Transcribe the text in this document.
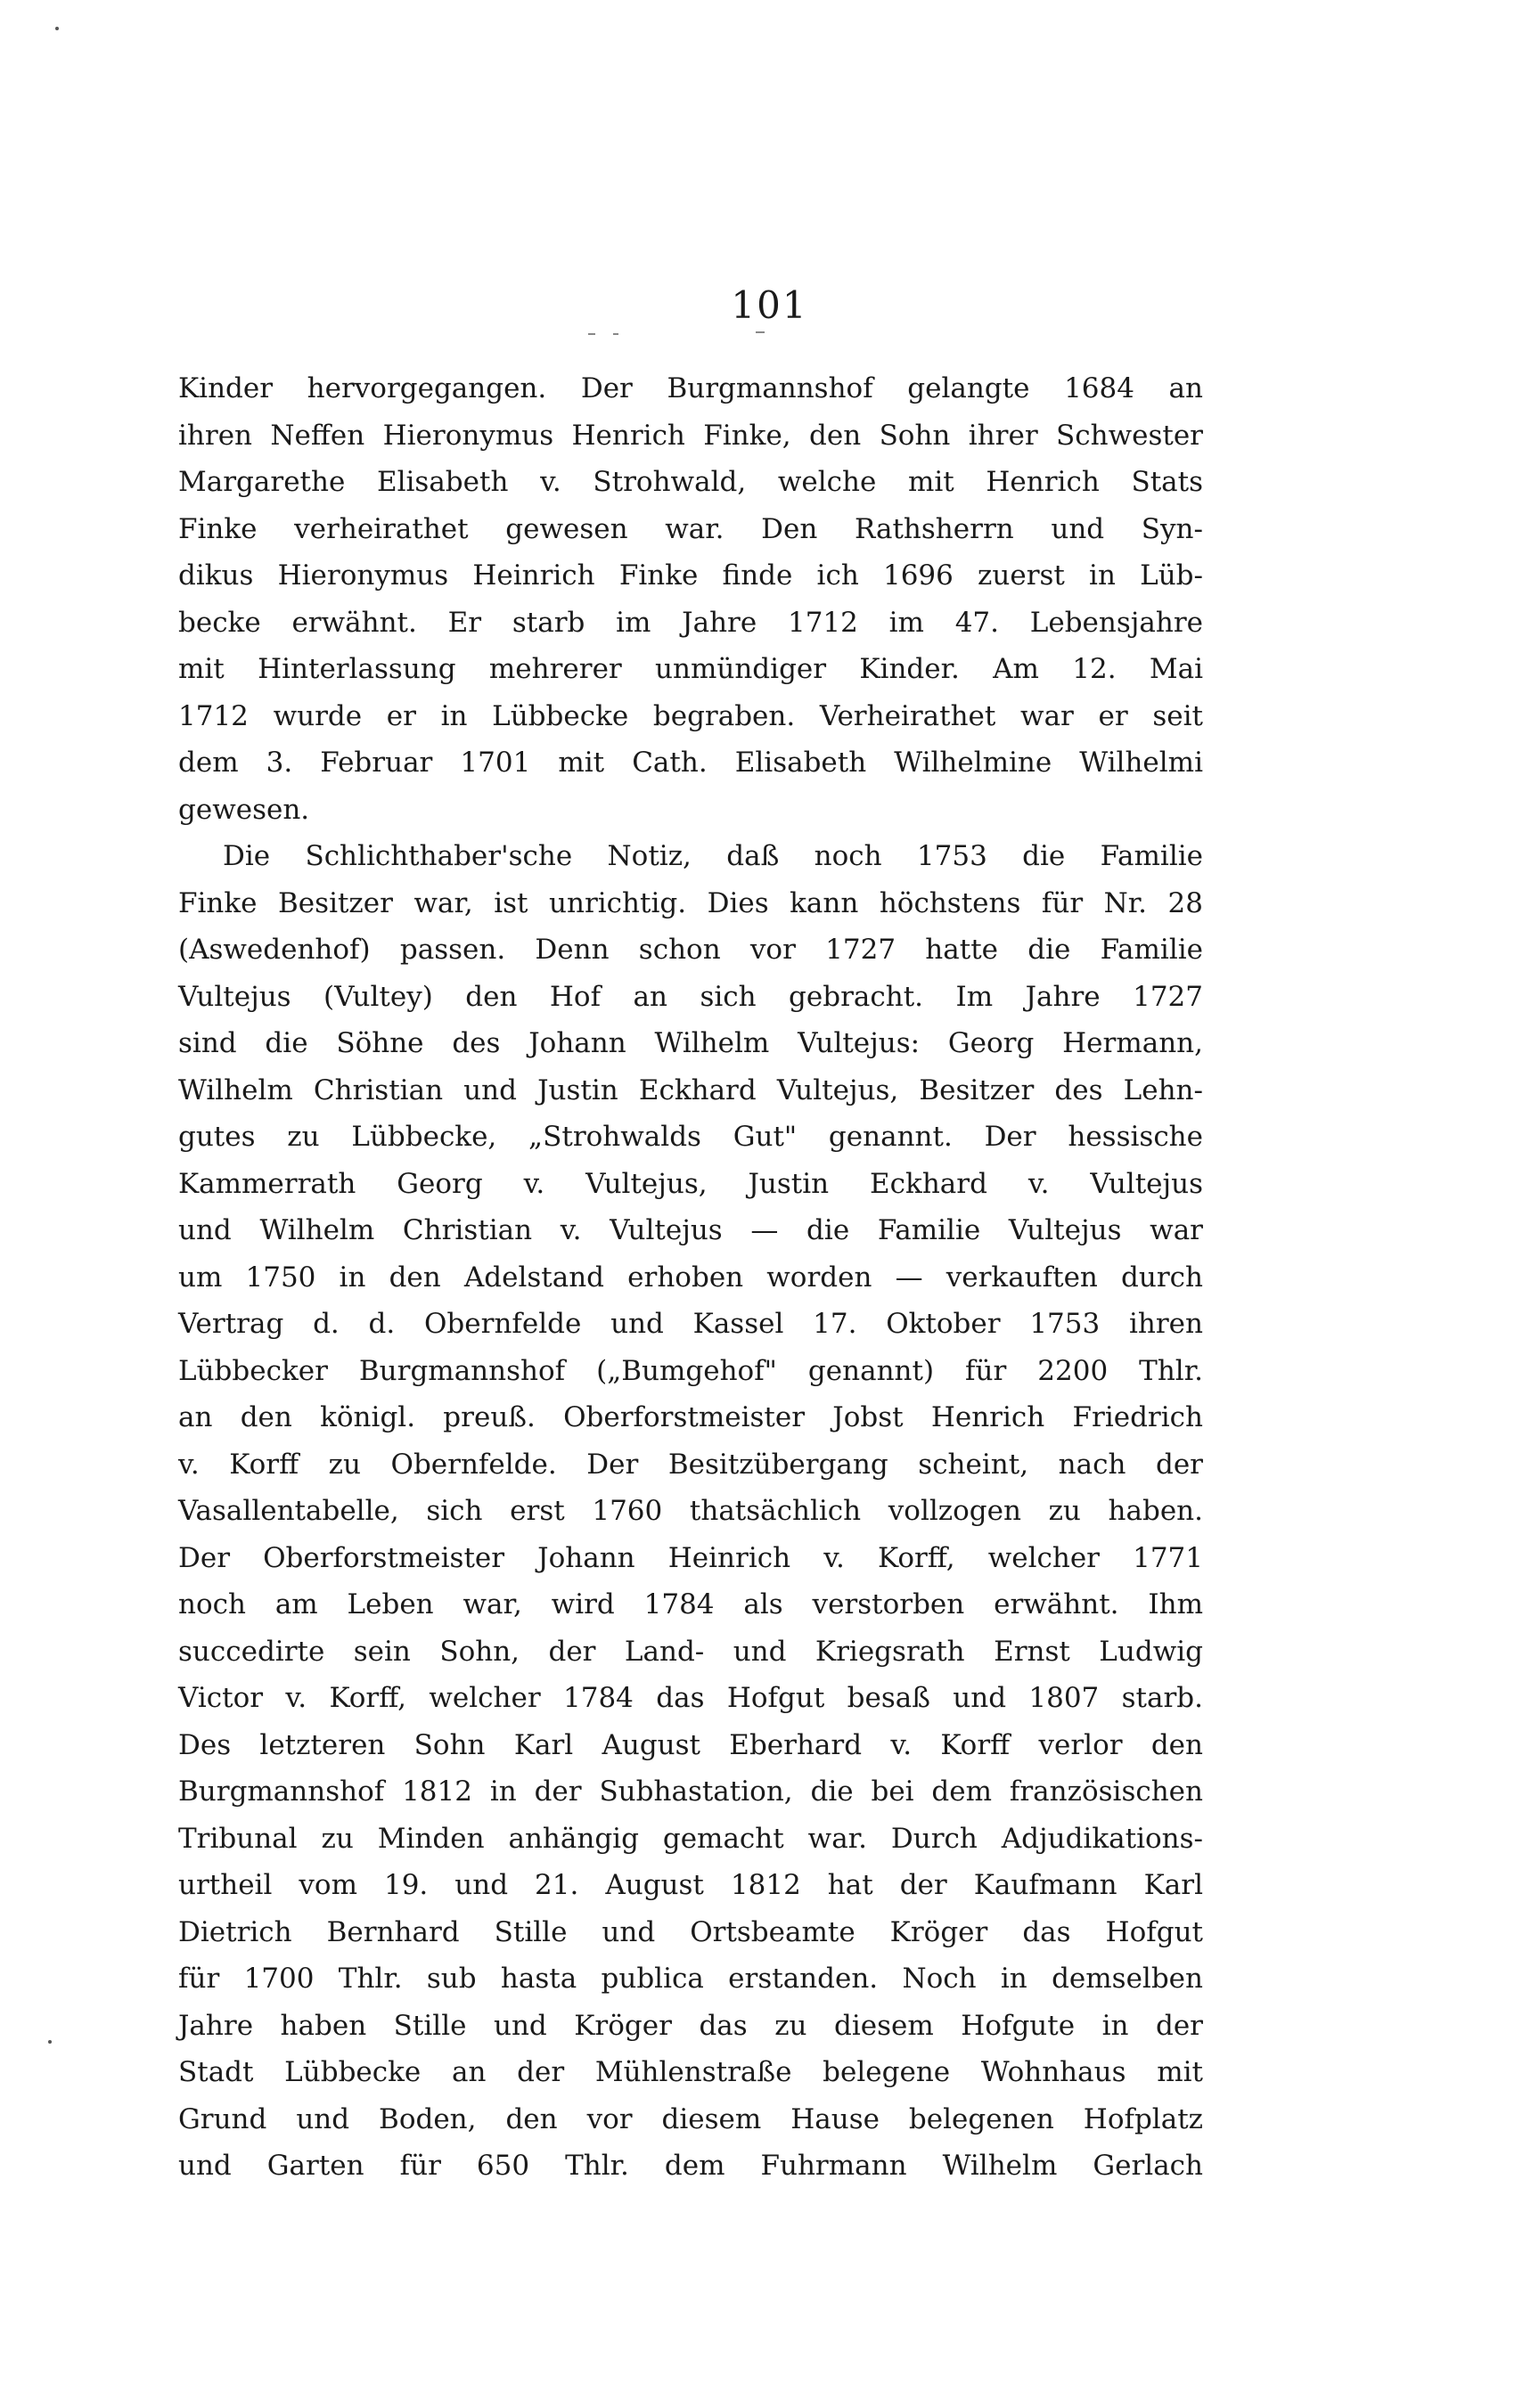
101
Kinder hervorgegangen. Der Burgmannshof gelangte 1684 an
ihren Neffen Hieronymus Henrich Finke, den Sohn ihrer Schwester
Margarethe Elisabeth v. Strohwald, welche mit Henrich Stats
Finke verheirathet gewesen war. Den Rathsherrn und Syn-
dikus Hieronymus Heinrich Finke finde ich 1696 zuerst in Lüb-
becke erwähnt. Er starb im Jahre 1712 im 47. Lebensjahre
mit Hinterlassung mehrerer unmündiger Kinder. Am 12. Mai
1712 wurde er in Lübbecke begraben. Verheirathet war er seit
dem 3. Februar 1701 mit Cath. Elisabeth Wilhelmine Wilhelmi
gewesen.
Die Schlichthaber'sche Notiz, daß noch 1753 die Familie
Finke Besitzer war, ist unrichtig. Dies kann höchstens für Nr. 28
(Aswedenhof) passen. Denn schon vor 1727 hatte die Familie
Vultejus (Vultey) den Hof an sich gebracht. Im Jahre 1727
sind die Söhne des Johann Wilhelm Vultejus: Georg Hermann,
Wilhelm Christian und Justin Eckhard Vultejus, Besitzer des Lehn-
gutes zu Lübbecke, „Strohwalds Gut" genannt. Der hessische
Kammerrath Georg v. Vultejus, Justin Eckhard v. Vultejus
und Wilhelm Christian v. Vultejus — die Familie Vultejus war
um 1750 in den Adelstand erhoben worden — verkauften durch
Vertrag d. d. Obernfelde und Kassel 17. Oktober 1753 ihren
Lübbecker Burgmannshof („Bumgehof" genannt) für 2200 Thlr.
an den königl. preuß. Oberforstmeister Jobst Henrich Friedrich
v. Korff zu Obernfelde. Der Besitzübergang scheint, nach der
Vasallentabelle, sich erst 1760 thatsächlich vollzogen zu haben.
Der Oberforstmeister Johann Heinrich v. Korff, welcher 1771
noch am Leben war, wird 1784 als verstorben erwähnt. Ihm
succedirte sein Sohn, der Land- und Kriegsrath Ernst Ludwig
Victor v. Korff, welcher 1784 das Hofgut besaß und 1807 starb.
Des letzteren Sohn Karl August Eberhard v. Korff verlor den
Burgmannshof 1812 in der Subhastation, die bei dem französischen
Tribunal zu Minden anhängig gemacht war. Durch Adjudikations-
urtheil vom 19. und 21. August 1812 hat der Kaufmann Karl
Dietrich Bernhard Stille und Ortsbeamte Kröger das Hofgut
für 1700 Thlr. sub hasta publica erstanden. Noch in demselben
Jahre haben Stille und Kröger das zu diesem Hofgute in der
Stadt Lübbecke an der Mühlenstraße belegene Wohnhaus mit
Grund und Boden, den vor diesem Hause belegenen Hofplatz
und Garten für 650 Thlr. dem Fuhrmann Wilhelm Gerlach
